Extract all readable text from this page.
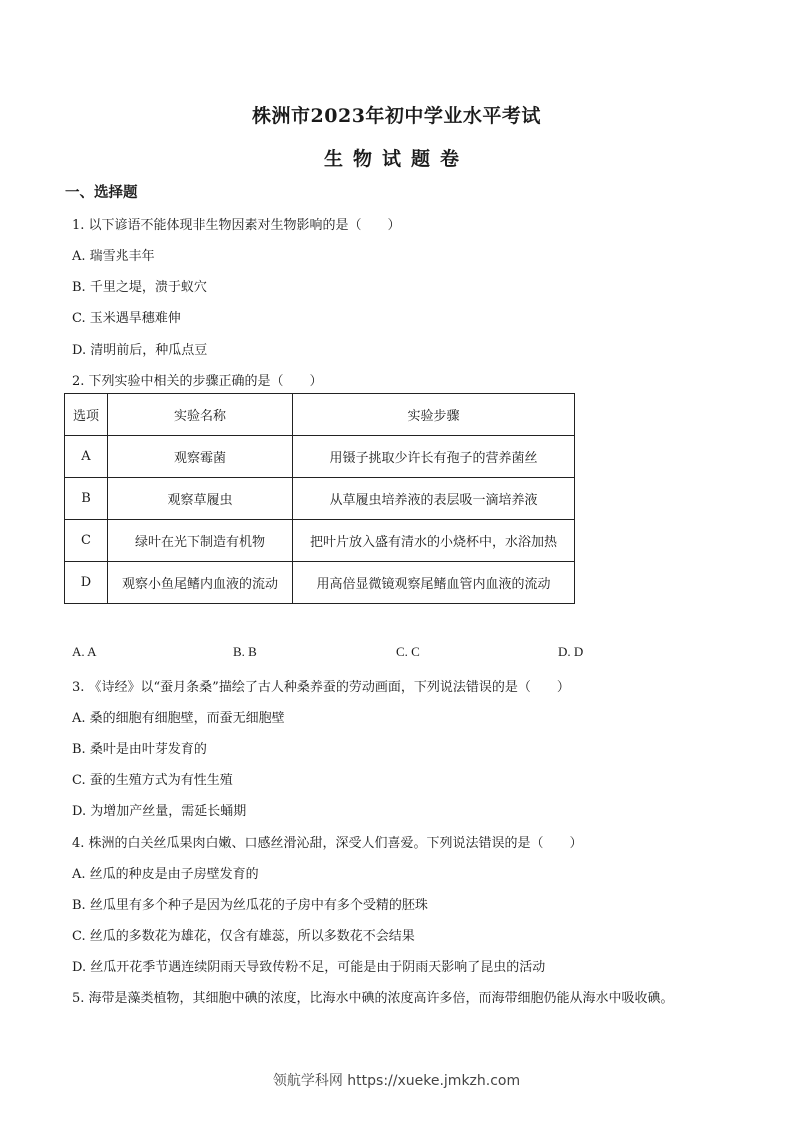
株洲市2023年初中学业水平考试
生物试题卷
一、选择题

1. 以下谚语不能体现非生物因素对生物影响的是（　　）

A. 瑞雪兆丰年

B. 千里之堤，溃于蚁穴

C. 玉米遇旱穗难伸

D. 清明前后，种瓜点豆

2. 下列实验中相关的步骤正确的是（　　）

选项	实验名称	实验步骤
A	观察霉菌	用镊子挑取少许长有孢子的营养菌丝
B	观察草履虫	从草履虫培养液的表层吸一滴培养液
C	绿叶在光下制造有机物	把叶片放入盛有清水的小烧杯中，水浴加热
D	观察小鱼尾鳍内血液的流动	用高倍显微镜观察尾鳍血管内血液的流动

A. A	B. B	C. C	D. D

3. 《诗经》以“蚕月条桑”描绘了古人种桑养蚕的劳动画面，下列说法错误的是（　　）

A. 桑的细胞有细胞壁，而蚕无细胞壁

B. 桑叶是由叶芽发育的

C. 蚕的生殖方式为有性生殖

D. 为增加产丝量，需延长蛹期

4. 株洲的白关丝瓜果肉白嫩、口感丝滑沁甜，深受人们喜爱。下列说法错误的是（　　）

A. 丝瓜的种皮是由子房壁发育的

B. 丝瓜里有多个种子是因为丝瓜花的子房中有多个受精的胚珠

C. 丝瓜的多数花为雄花，仅含有雄蕊，所以多数花不会结果

D. 丝瓜开花季节遇连续阴雨天导致传粉不足，可能是由于阴雨天影响了昆虫的活动

5. 海带是藻类植物，其细胞中碘的浓度，比海水中碘的浓度高许多倍，而海带细胞仍能从海水中吸收碘。

领航学科网 https://xueke.jmkzh.com
